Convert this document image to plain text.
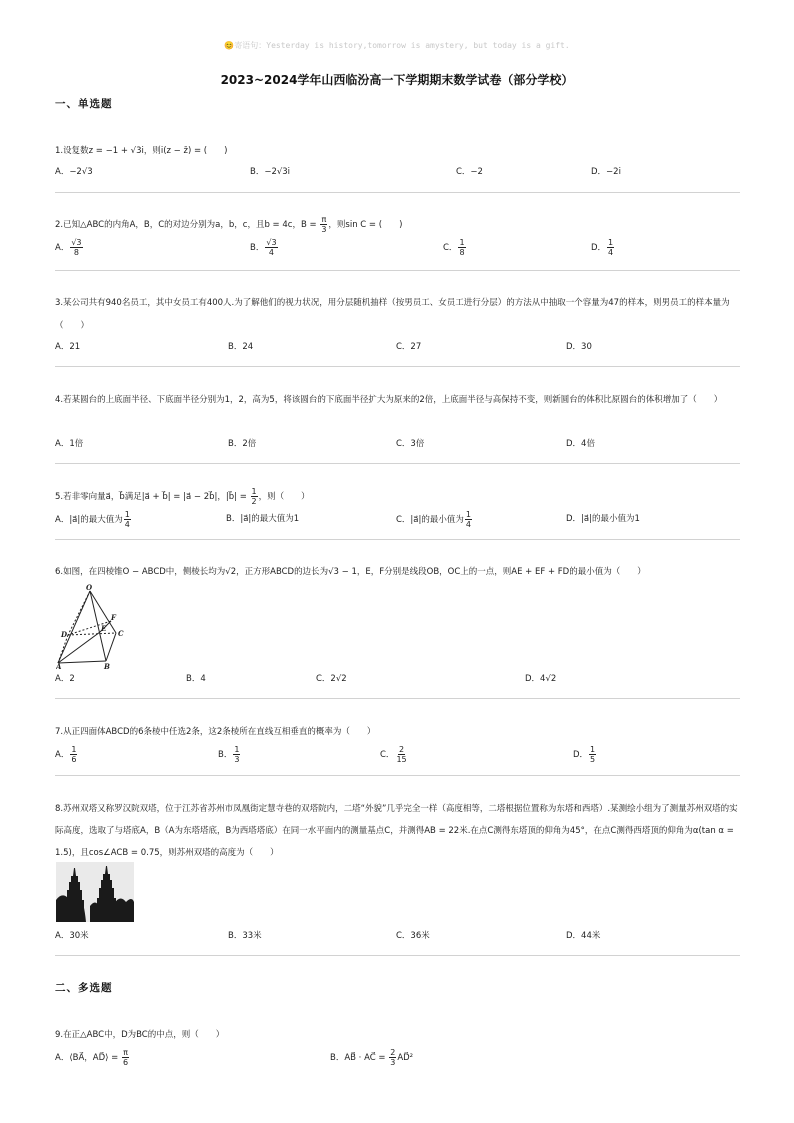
😊寄语句：Yesterday is history,tomorrow is amystery, but today is a gift.
2023~2024学年山西临汾高一下学期期末数学试卷（部分学校）
一、单选题
1.设复数z = −1 + √3i，则i(z − z̄) = (　　)
A．−2√3	B．−2√3i	C．−2	D．−2i
2.已知△ABC的内角A，B，C的对边分别为a，b，c，且b = 4c，$B = \frac{\pi}{3}$ ，则sin C = (　　)
A． $\frac{√3}{8}$	B． $\frac{√3}{4}$	C． $\frac{1}{8}$	D． $\frac{1}{4}$
3.某公司共有940名员工，其中女员工有400人.为了解他们的视力状况，用分层随机抽样（按男员工、女员工进行分层）的方法从中抽取一个容量为47的样本，则男员工的样本量为（　　）
A．21	B．24	C．27	D．30
4.若某圆台的上底面半径、下底面半径分别为1，2，高为5，将该圆台的下底面半径扩大为原来的2倍，上底面半径与高保持不变，则新圆台的体积比原圆台的体积增加了（　　）
A．1倍	B．2倍	C．3倍	D．4倍
5.若非零向量a⃗，b⃗满足|a⃗ + b⃗| = |a⃗ − 2b⃗|，|b⃗| = $\frac{1}{2}$ ，则（　　）
A．|a⃗|的最大值为 $\frac{1}{4}$	B．|a⃗|的最大值为1	C．|a⃗|的最小值为 $\frac{1}{4}$	D．|a⃗|的最小值为1
6.如图，在四棱锥O − ABCD中，侧棱长均为√2，正方形ABCD的边长为√3 − 1，E，F分别是线段OB，OC上的一点，则AE + EF + FD的最小值为（　　）
O
A	B
C
D
E
F
A．2	B．4	C．2√2	D．4√2
7.从正四面体ABCD的6条棱中任选2条，这2条棱所在直线互相垂直的概率为（　　）
A． $\frac{1}{6}$	B． $\frac{1}{3}$	C． $\frac{2}{15}$	D． $\frac{1}{5}$
8.苏州双塔又称罗汉院双塔，位于江苏省苏州市凤凰街定慧寺巷的双塔院内，二塔“外貌”几乎完全一样（高度相等，二塔根据位置称为东塔和西塔）.某测绘小组为了测量苏州双塔的实际高度，选取了与塔底A，B（A为东塔塔底，B为西塔塔底）在同一水平面内的测量基点C，并测得AB = 22米.在点C测得东塔顶的仰角为45°，在点C测得西塔顶的仰角为α(tan α = 1.5)，且cos∠ACB = 0.75，则苏州双塔的高度为（　　）
A．30米	B．33米	C．36米	D．44米
二、多选题
9.在正△ABC中，D为BC的中点，则（　　）
A．⟨BA⃗，AD⃗⟩ = $\frac{\pi}{6}$	B．AB⃗ · AC⃗ = $\frac{2}{3}$ AD⃗²
